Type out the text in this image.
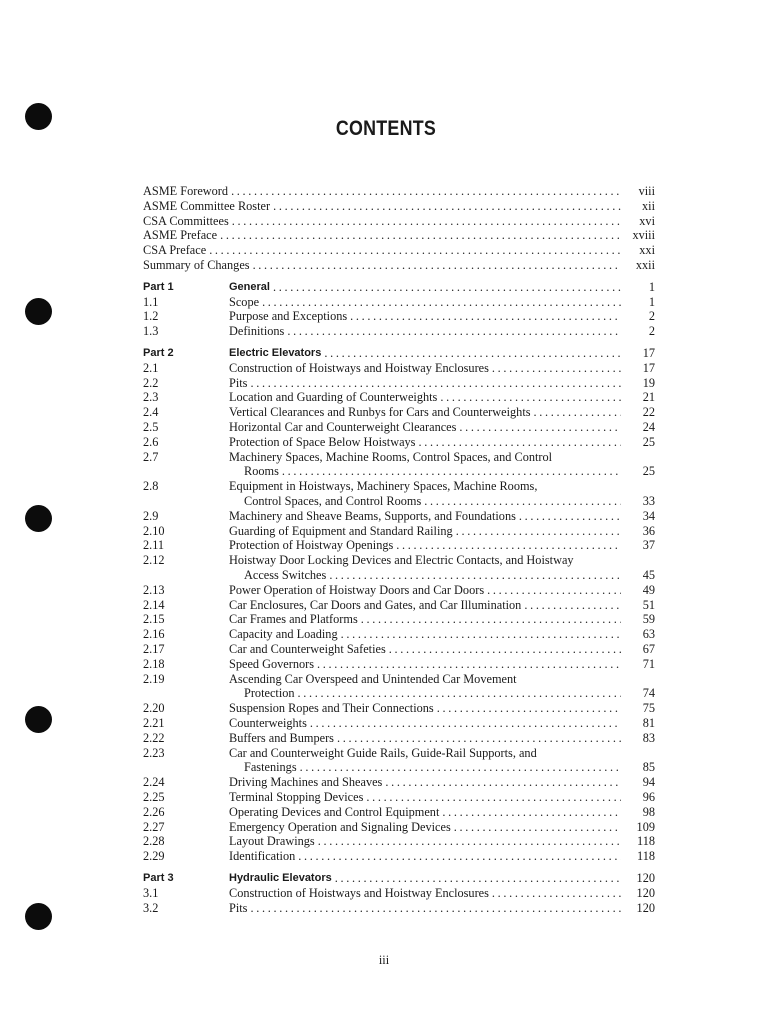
CONTENTS
ASME Foreword . . .	viii
ASME Committee Roster . . .	xii
CSA Committees . . .	xvi
ASME Preface . . .	xviii
CSA Preface . . .	xxi
Summary of Changes . . .	xxii
Part 1	General . . .	1
1.1	Scope . . .	1
1.2	Purpose and Exceptions . . .	2
1.3	Definitions . . .	2
Part 2	Electric Elevators . . .	17
2.1	Construction of Hoistways and Hoistway Enclosures . . .	17
2.2	Pits . . .	19
2.3	Location and Guarding of Counterweights . . .	21
2.4	Vertical Clearances and Runbys for Cars and Counterweights . . .	22
2.5	Horizontal Car and Counterweight Clearances . . .	24
2.6	Protection of Space Below Hoistways . . .	25
2.7	Machinery Spaces, Machine Rooms, Control Spaces, and Control
Rooms . . .	25
2.8	Equipment in Hoistways, Machinery Spaces, Machine Rooms,
Control Spaces, and Control Rooms . . .	33
2.9	Machinery and Sheave Beams, Supports, and Foundations . . .	34
2.10	Guarding of Equipment and Standard Railing . . .	36
2.11	Protection of Hoistway Openings . . .	37
2.12	Hoistway Door Locking Devices and Electric Contacts, and Hoistway
Access Switches . . .	45
2.13	Power Operation of Hoistway Doors and Car Doors . . .	49
2.14	Car Enclosures, Car Doors and Gates, and Car Illumination . . .	51
2.15	Car Frames and Platforms . . .	59
2.16	Capacity and Loading . . .	63
2.17	Car and Counterweight Safeties . . .	67
2.18	Speed Governors . . .	71
2.19	Ascending Car Overspeed and Unintended Car Movement
Protection . . .	74
2.20	Suspension Ropes and Their Connections . . .	75
2.21	Counterweights . . .	81
2.22	Buffers and Bumpers . . .	83
2.23	Car and Counterweight Guide Rails, Guide-Rail Supports, and
Fastenings . . .	85
2.24	Driving Machines and Sheaves . . .	94
2.25	Terminal Stopping Devices . . .	96
2.26	Operating Devices and Control Equipment . . .	98
2.27	Emergency Operation and Signaling Devices . . .	109
2.28	Layout Drawings . . .	118
2.29	Identification . . .	118
Part 3	Hydraulic Elevators . . .	120
3.1	Construction of Hoistways and Hoistway Enclosures . . .	120
3.2	Pits . . .	120
iii
